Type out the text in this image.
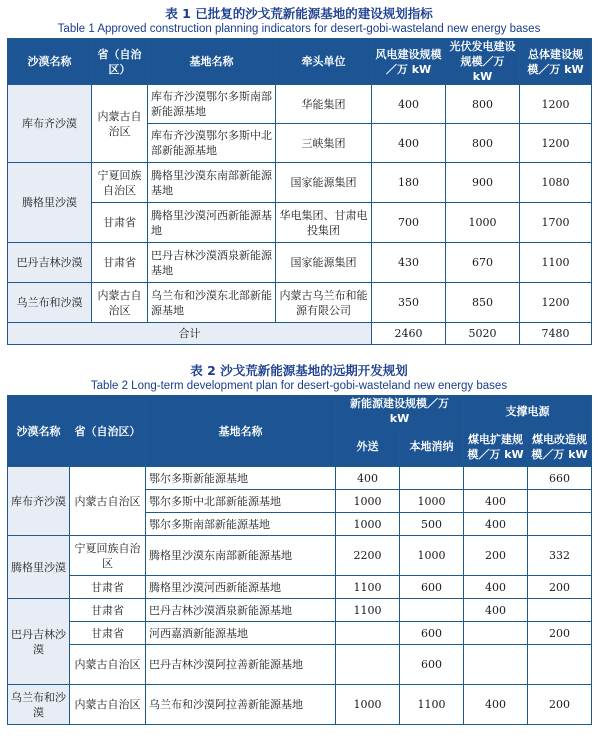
表 1 已批复的沙戈荒新能源基地的建设规划指标
Table 1 Approved construction planning indicators for desert-gobi-wasteland new energy bases
沙漠名称	省（自治区）	基地名称	牵头单位	风电建设规模／万 kW	光伏发电建设规模／万 kW	总体建设规模／万 kW
库布齐沙漠	内蒙古自治区	库布齐沙漠鄂尔多斯南部新能源基地	华能集团	400	800	1200
		库布齐沙漠鄂尔多斯中北部新能源基地	三峡集团	400	800	1200
腾格里沙漠	宁夏回族自治区	腾格里沙漠东南部新能源基地	国家能源集团	180	900	1080
	甘肃省	腾格里沙漠河西新能源基地	华电集团、甘肃电投集团	700	1000	1700
巴丹吉林沙漠	甘肃省	巴丹吉林沙漠酒泉新能源基地	国家能源集团	430	670	1100
乌兰布和沙漠	内蒙古自治区	乌兰布和沙漠东北部新能源基地	内蒙古乌兰布和能源有限公司	350	850	1200
合计				2460	5020	7480
表 2 沙戈荒新能源基地的远期开发规划
Table 2 Long-term development plan for desert-gobi-wasteland new energy bases
沙漠名称	省（自治区）	基地名称	新能源建设规模／万 kW		支撑电源	
			外送	本地消纳	煤电扩建规模／万 kW	煤电改造规模／万 kW
库布齐沙漠	内蒙古自治区	鄂尔多斯新能源基地	400			660
		鄂尔多斯中北部新能源基地	1000	1000	400	
		鄂尔多斯南部新能源基地	1000	500	400	
腾格里沙漠	宁夏回族自治区	腾格里沙漠东南部新能源基地	2200	1000	200	332
	甘肃省	腾格里沙漠河西新能源基地	1100	600	400	200
巴丹吉林沙漠	甘肃省	巴丹吉林沙漠酒泉新能源基地	1100		400	
	甘肃省	河西嘉酒新能源基地		600		200
	内蒙古自治区	巴丹吉林沙漠阿拉善新能源基地		600		
乌兰布和沙漠	内蒙古自治区	乌兰布和沙漠阿拉善新能源基地	1000	1100	400	200
